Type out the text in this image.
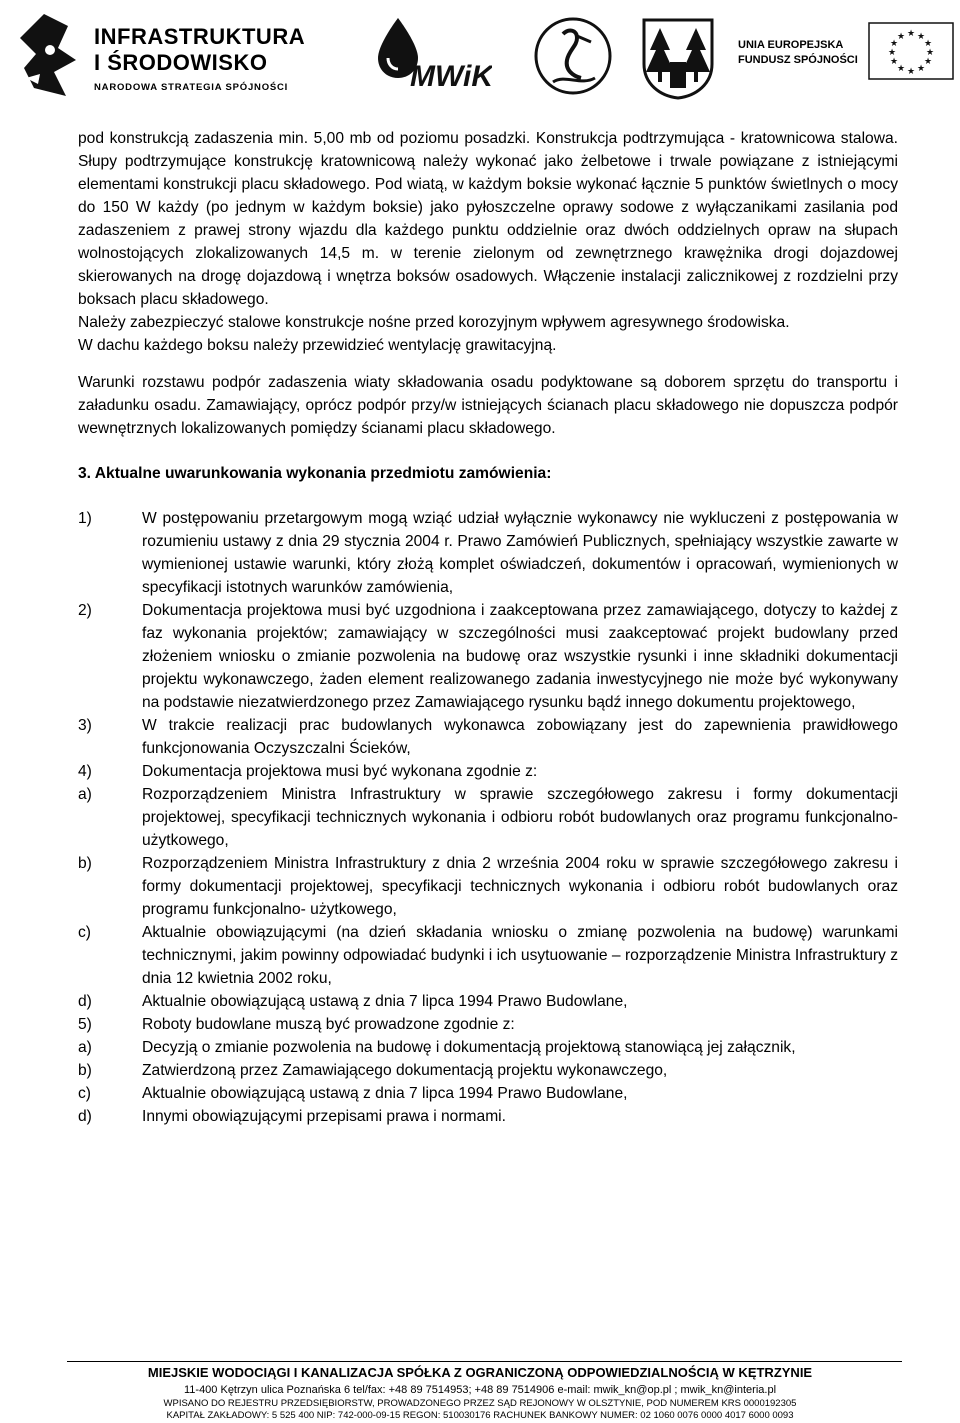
INFRASTRUKTURA
I ŚRODOWISKO
NARODOWA STRATEGIA SPÓJNOŚCI	MWiK
UNIA EUROPEJSKA
FUNDUSZ SPÓJNOŚCI
★ ★
★
★
★
★
★
★
★
★
★
★

pod konstrukcją zadaszenia min. 5,00 mb od poziomu posadzki. Konstrukcja podtrzymująca - kratownicowa stalowa. Słupy podtrzymujące konstrukcję kratownicową należy wykonać jako żelbetowe i trwale powiązane z istniejącymi elementami konstrukcji placu składowego. Pod wiatą, w każdym boksie wykonać łącznie 5 punktów świetlnych o mocy do 150 W każdy (po jednym w każdym boksie) jako pyłoszczelne oprawy sodowe z wyłączanikami zasilania pod zadaszeniem z prawej strony wjazdu dla każdego punktu oddzielnie oraz dwóch oddzielnych opraw na słupach wolnostojących zlokalizowanych 14,5 m. w terenie zielonym od zewnętrznego krawężnika drogi dojazdowej skierowanych na drogę dojazdową i wnętrza boksów osadowych. Włączenie instalacji zalicznikowej z rozdzielni przy boksach placu składowego.

Należy zabezpieczyć stalowe konstrukcje nośne przed korozyjnym wpływem agresywnego środowiska.

W dachu każdego boksu należy przewidzieć wentylację grawitacyjną.

Warunki rozstawu podpór zadaszenia wiaty składowania osadu podyktowane są doborem sprzętu do transportu i załadunku osadu. Zamawiający, oprócz podpór przy/w istniejących ścianach placu składowego nie dopuszcza podpór wewnętrznych lokalizowanych pomiędzy ścianami placu składowego.

3. Aktualne uwarunkowania wykonania przedmiotu zamówienia:

1)	W postępowaniu przetargowym mogą wziąć udział wyłącznie wykonawcy nie wykluczeni z postępowania w rozumieniu ustawy z dnia 29 stycznia 2004 r. Prawo Zamówień Publicznych, spełniający wszystkie zawarte w wymienionej ustawie warunki, który złożą komplet oświadczeń, dokumentów i opracowań, wymienionych w specyfikacji istotnych warunków zamówienia,
2)	Dokumentacja projektowa musi być uzgodniona i zaakceptowana przez zamawiającego, dotyczy to każdej z faz wykonania projektów; zamawiający w szczególności musi zaakceptować projekt budowlany przed złożeniem wniosku o zmianie pozwolenia na budowę oraz wszystkie rysunki i inne składniki dokumentacji projektu wykonawczego, żaden element realizowanego zadania inwestycyjnego nie może być wykonywany na podstawie niezatwierdzonego przez Zamawiającego rysunku bądź innego dokumentu projektowego,
3)	W trakcie realizacji prac budowlanych wykonawca zobowiązany jest do zapewnienia prawidłowego funkcjonowania Oczyszczalni Ścieków,
4)	Dokumentacja projektowa musi być wykonana zgodnie z:
a)	Rozporządzeniem Ministra Infrastruktury w sprawie szczegółowego zakresu i formy dokumentacji projektowej, specyfikacji technicznych wykonania i odbioru robót budowlanych oraz programu funkcjonalno- użytkowego,
b)	Rozporządzeniem Ministra Infrastruktury z dnia 2 września 2004 roku w sprawie szczegółowego zakresu i formy dokumentacji projektowej, specyfikacji technicznych wykonania i odbioru robót budowlanych oraz programu funkcjonalno- użytkowego,
c)	Aktualnie obowiązującymi (na dzień składania wniosku o zmianę pozwolenia na budowę) warunkami technicznymi, jakim powinny odpowiadać budynki i ich usytuowanie – rozporządzenie Ministra Infrastruktury z dnia 12 kwietnia 2002 roku,
d)	Aktualnie obowiązującą ustawą z dnia 7 lipca 1994 Prawo Budowlane,
5)	Roboty budowlane muszą być prowadzone zgodnie z:
a)	Decyzją o zmianie pozwolenia na budowę i dokumentacją projektową stanowiącą jej załącznik,
b)	Zatwierdzoną przez Zamawiającego dokumentacją projektu wykonawczego,
c)	Aktualnie obowiązującą ustawą z dnia 7 lipca 1994 Prawo Budowlane,
d)	Innymi obowiązującymi przepisami prawa i normami.
MIEJSKIE WODOCIĄGI I KANALIZACJA SPÓŁKA Z OGRANICZONĄ ODPOWIEDZIALNOŚCIĄ W KĘTRZYNIE
11-400 Kętrzyn ulica Poznańska 6 tel/fax: +48 89 7514953; +48 89 7514906 e-mail: mwik_kn@op.pl ; mwik_kn@interia.pl
WPISANO DO REJESTRU PRZEDSIĘBIORSTW, PROWADZONEGO PRZEZ SĄD REJONOWY W OLSZTYNIE, POD NUMEREM KRS 0000192305
KAPITAŁ ZAKŁADOWY: 5 525 400 NIP: 742-000-09-15 REGON: 510030176 RACHUNEK BANKOWY NUMER: 02 1060 0076 0000 4017 6000 0093
